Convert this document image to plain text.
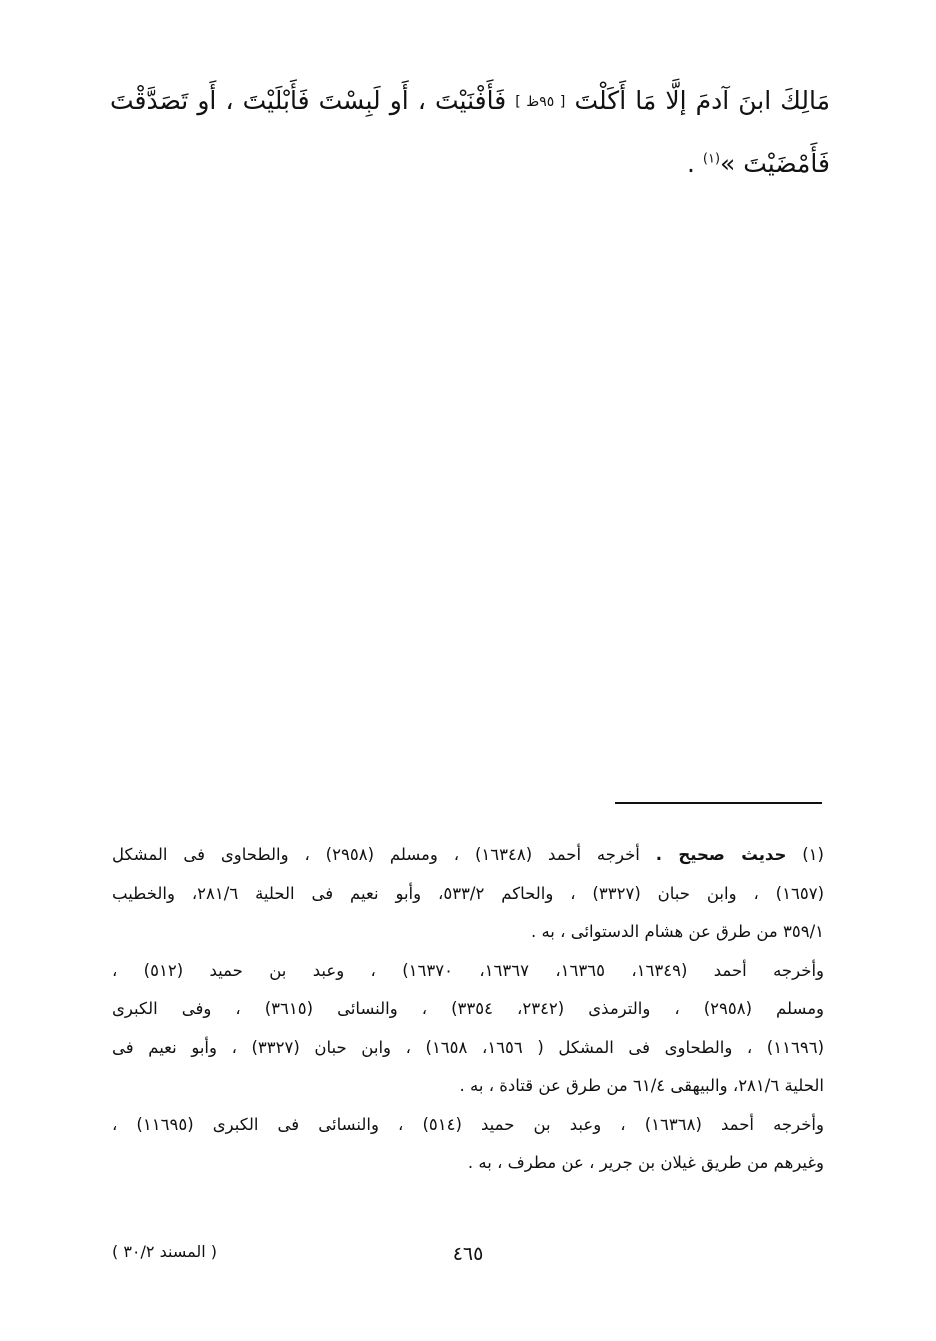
مَالِكَ ابنَ آدمَ إلَّا مَا أَكَلْتَ [ ٩٥ظ ] فَأَفْنَيْتَ ، أَو لَبِسْتَ فَأَبْلَيْتَ ، أَو تَصَدَّقْتَ
فَأَمْضَيْتَ »$^{(١)}$ .
(١) حديث صحيح . أخرجه أحمد (١٦٣٤٨) ، ومسلم (٢٩٥٨) ، والطحاوى فى المشكل
(١٦٥٧) ، وابن حبان (٣٣٢٧) ، والحاكم ٥٣٣/٢، وأبو نعيم فى الحلية ٢٨١/٦، والخطيب
٣٥٩/١ من طرق عن هشام الدستوائى ، به .
وأخرجه أحمد (١٦٣٤٩، ١٦٣٦٥، ١٦٣٦٧، ١٦٣٧٠) ، وعبد بن حميد (٥١٢) ،
ومسلم (٢٩٥٨) ، والترمذى (٢٣٤٢، ٣٣٥٤) ، والنسائى (٣٦١٥) ، وفى الكبرى
(١١٦٩٦) ، والطحاوى فى المشكل ( ١٦٥٦، ١٦٥٨) ، وابن حبان (٣٣٢٧) ، وأبو نعيم فى
الحلية ٢٨١/٦، والبيهقى ٦١/٤ من طرق عن قتادة ، به .
وأخرجه أحمد (١٦٣٦٨) ، وعبد بن حميد (٥١٤) ، والنسائى فى الكبرى (١١٦٩٥) ،
وغيرهم من طريق غيلان بن جرير ، عن مطرف ، به .
٤٦٥
( المسند ٣٠/٢ )
